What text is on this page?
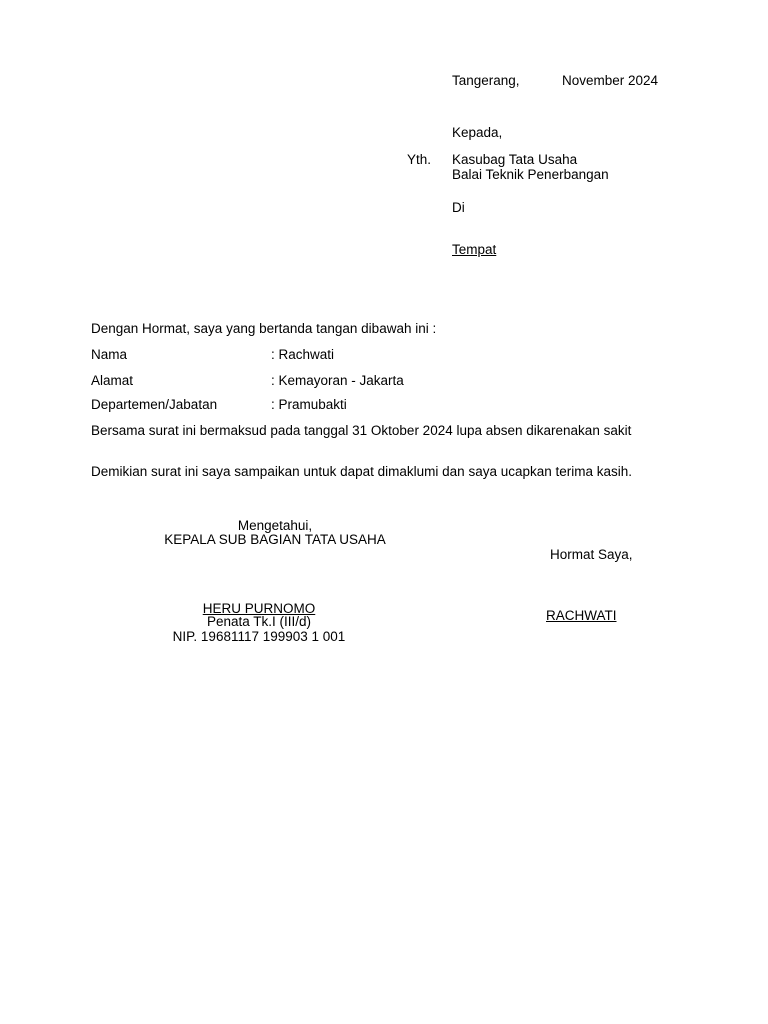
Tangerang,	November 2024
Kepada,
Yth. Kasubag Tata Usaha
Balai Teknik Penerbangan
Di
Tempat
Dengan Hormat, saya yang bertanda tangan dibawah ini :
Nama	: Rachwati
Alamat	: Kemayoran - Jakarta
Departemen/Jabatan	: Pramubakti
Bersama surat ini bermaksud pada tanggal 31 Oktober 2024 lupa absen dikarenakan sakit
Demikian surat ini saya sampaikan untuk dapat dimaklumi dan saya ucapkan terima kasih.
Mengetahui,
KEPALA SUB BAGIAN TATA USAHA
HERU PURNOMO
Penata Tk.I (III/d)
NIP. 19681117 199903 1 001
Hormat Saya,
RACHWATI
